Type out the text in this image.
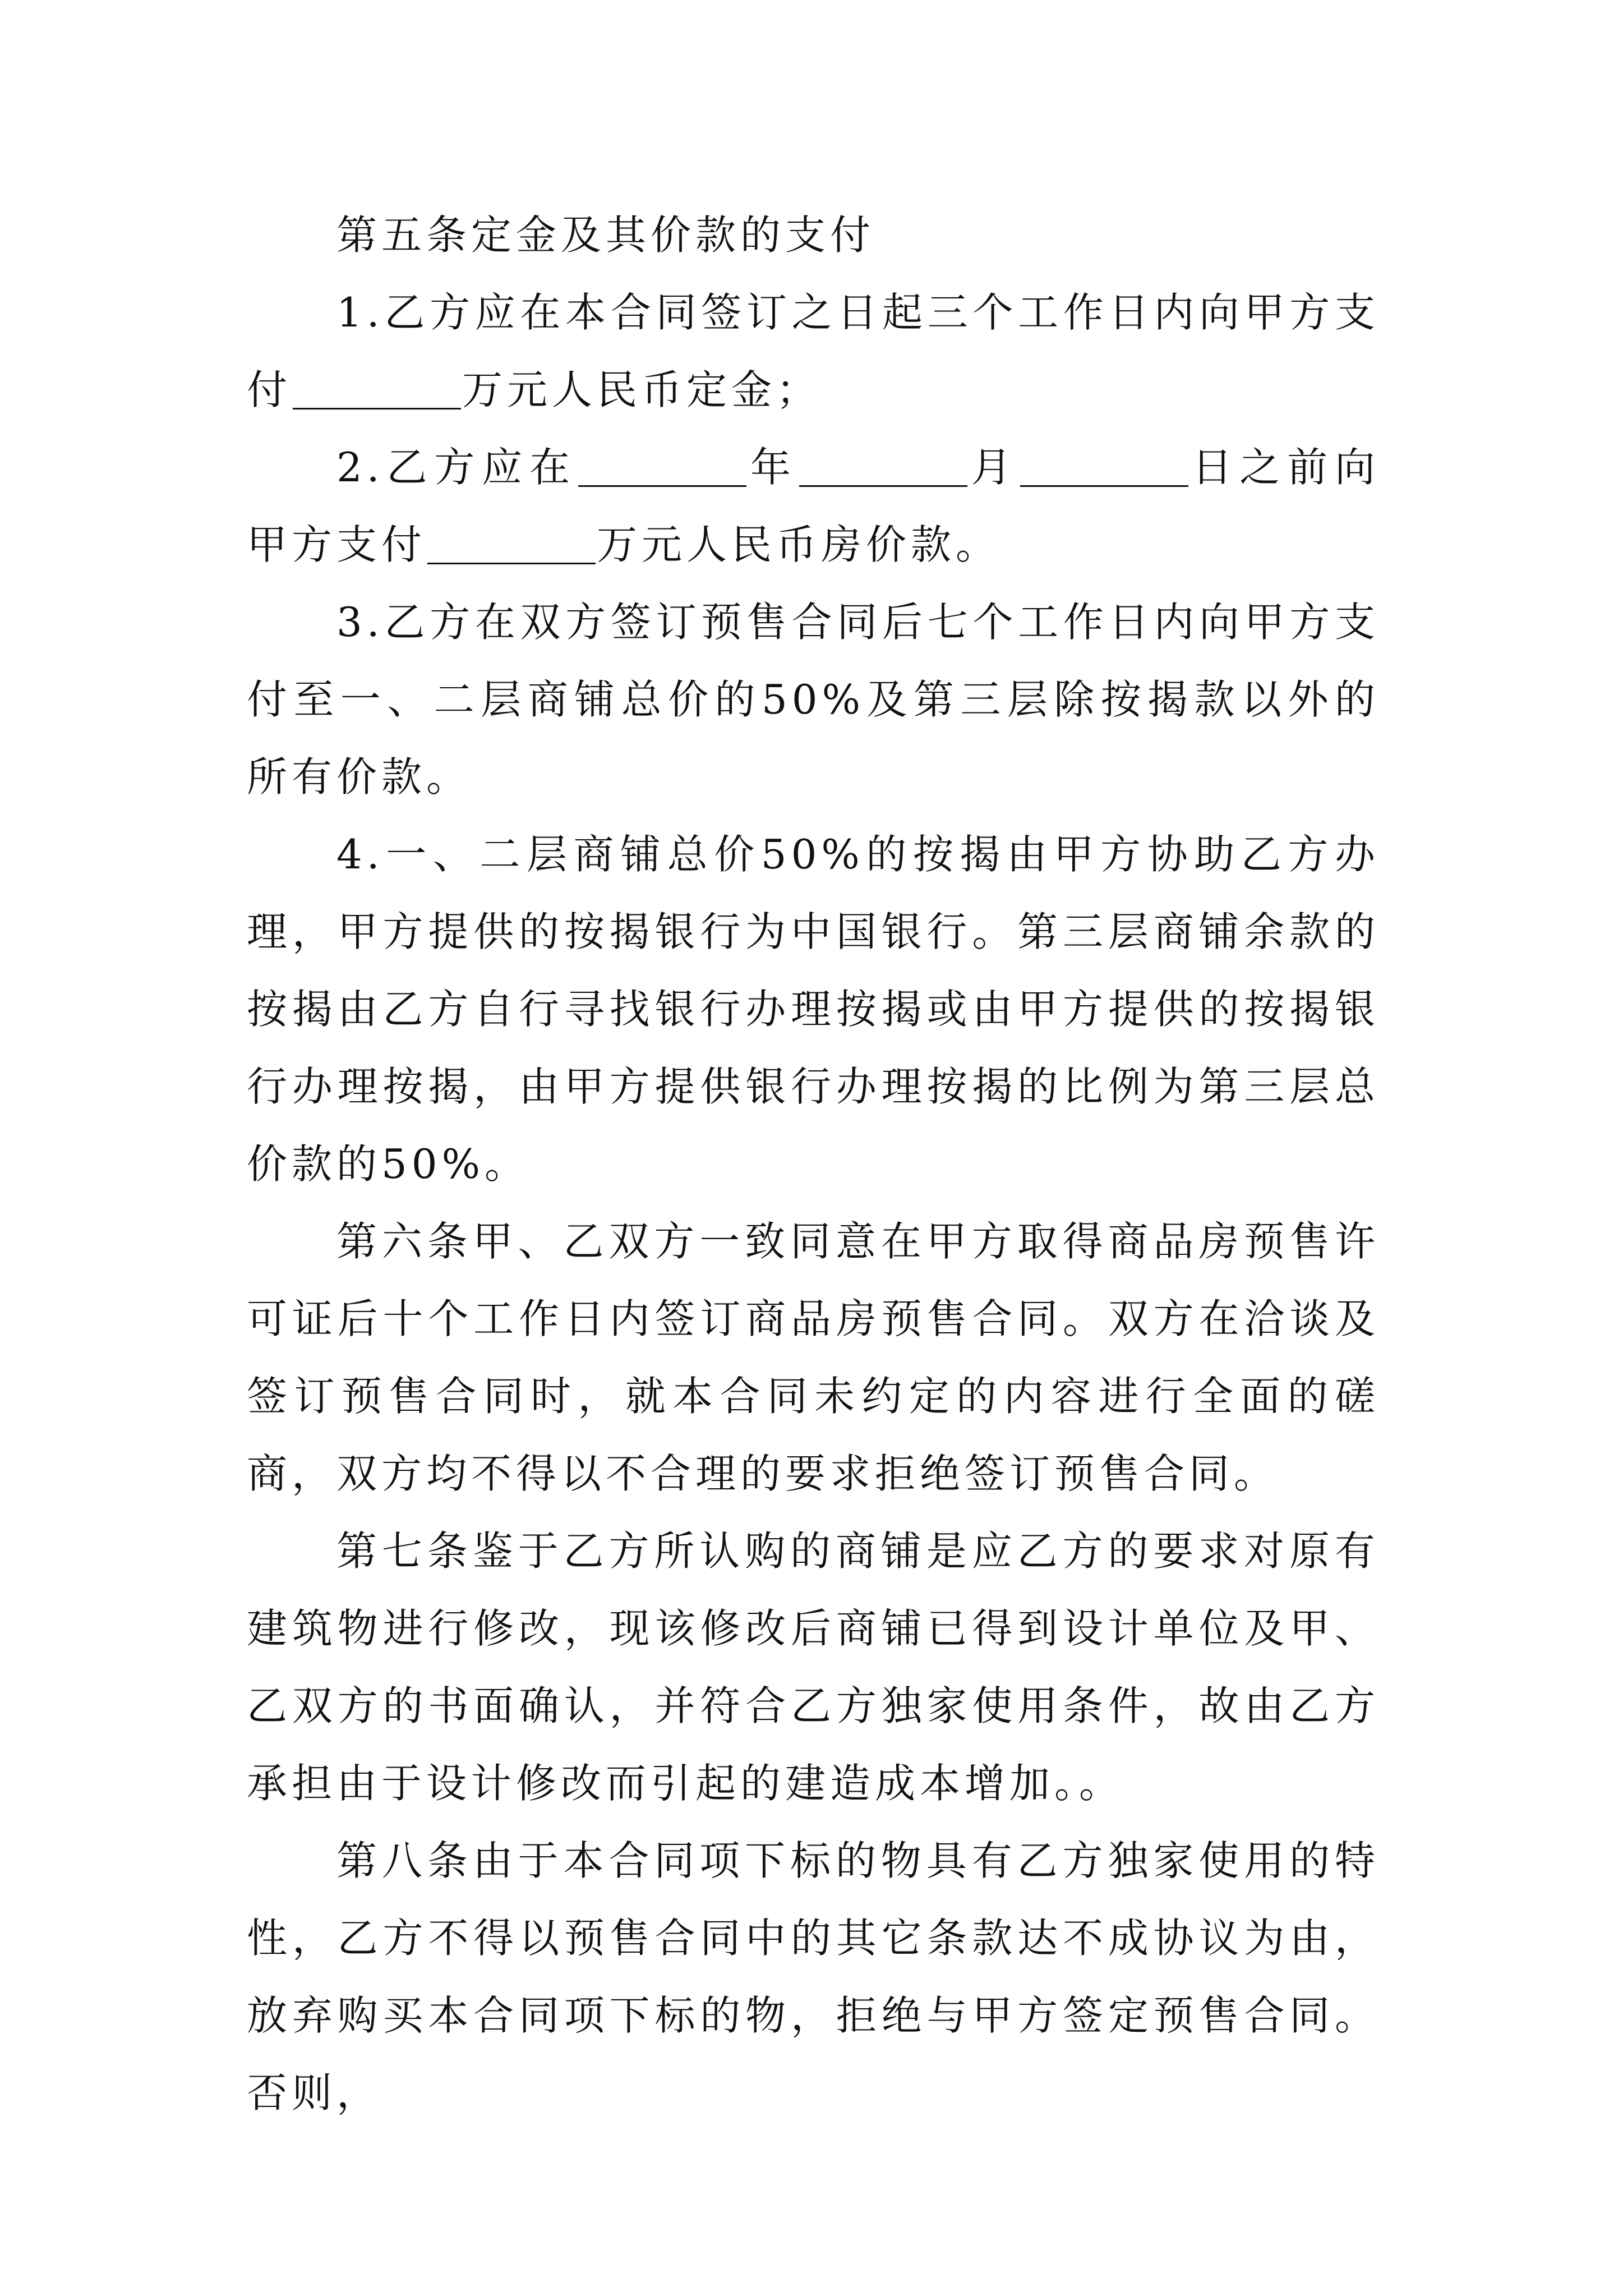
第五条定金及其价款的支付

1.乙方应在本合同签订之日起三个工作日内向甲方支付	万元人民币定金；

2.乙方应在	年	月	日之前向甲方支付	万元人民币房价款。

3.乙方在双方签订预售合同后七个工作日内向甲方支付至一、二层商铺总价的50%及第三层除按揭款以外的所有价款。

4.一、二层商铺总价50%的按揭由甲方协助乙方办理，甲方提供的按揭银行为中国银行。第三层商铺余款的按揭由乙方自行寻找银行办理按揭或由甲方提供的按揭银行办理按揭，由甲方提供银行办理按揭的比例为第三层总价款的50%。

第六条甲、乙双方一致同意在甲方取得商品房预售许可证后十个工作日内签订商品房预售合同。双方在洽谈及签订预售合同时，就本合同未约定的内容进行全面的磋商，双方均不得以不合理的要求拒绝签订预售合同。

第七条鉴于乙方所认购的商铺是应乙方的要求对原有建筑物进行修改，现该修改后商铺已得到设计单位及甲、乙双方的书面确认，并符合乙方独家使用条件，故由乙方承担由于设计修改而引起的建造成本增加。。

第八条由于本合同项下标的物具有乙方独家使用的特性，乙方不得以预售合同中的其它条款达不成协议为由，放弃购买本合同项下标的物，拒绝与甲方签定预售合同。否则，
